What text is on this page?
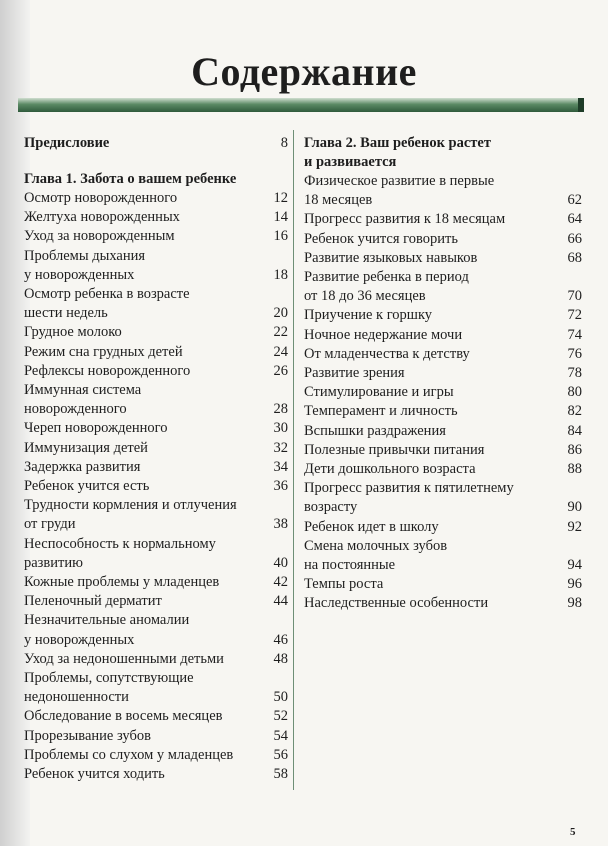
Содержание
Предисловие	8
Глава 1. Забота о вашем ребенке
Осмотр новорожденного	12
Желтуха новорожденных	14
Уход за новорожденным	16
Проблемы дыхания
у новорожденных	18
Осмотр ребенка в возрасте
шести недель	20
Грудное молоко	22
Режим сна грудных детей	24
Рефлексы новорожденного	26
Иммунная система
новорожденного	28
Череп новорожденного	30
Иммунизация детей	32
Задержка развития	34
Ребенок учится есть	36
Трудности кормления и отлучения
от груди	38
Неспособность к нормальному
развитию	40
Кожные проблемы у младенцев	42
Пеленочный дерматит	44
Незначительные аномалии
у новорожденных	46
Уход за недоношенными детьми	48
Проблемы, сопутствующие
недоношенности	50
Обследование в восемь месяцев	52
Прорезывание зубов	54
Проблемы со слухом у младенцев	56
Ребенок учится ходить	58
Глава 2. Ваш ребенок растет
и развивается
Физическое развитие в первые
18 месяцев	62
Прогресс развития к 18 месяцам	64
Ребенок учится говорить	66
Развитие языковых навыков	68
Развитие ребенка в период
от 18 до 36 месяцев	70
Приучение к горшку	72
Ночное недержание мочи	74
От младенчества к детству	76
Развитие зрения	78
Стимулирование и игры	80
Темперамент и личность	82
Вспышки раздражения	84
Полезные привычки питания	86
Дети дошкольного возраста	88
Прогресс развития к пятилетнему
возрасту	90
Ребенок идет в школу	92
Смена молочных зубов
на постоянные	94
Темпы роста	96
Наследственные особенности	98
5
